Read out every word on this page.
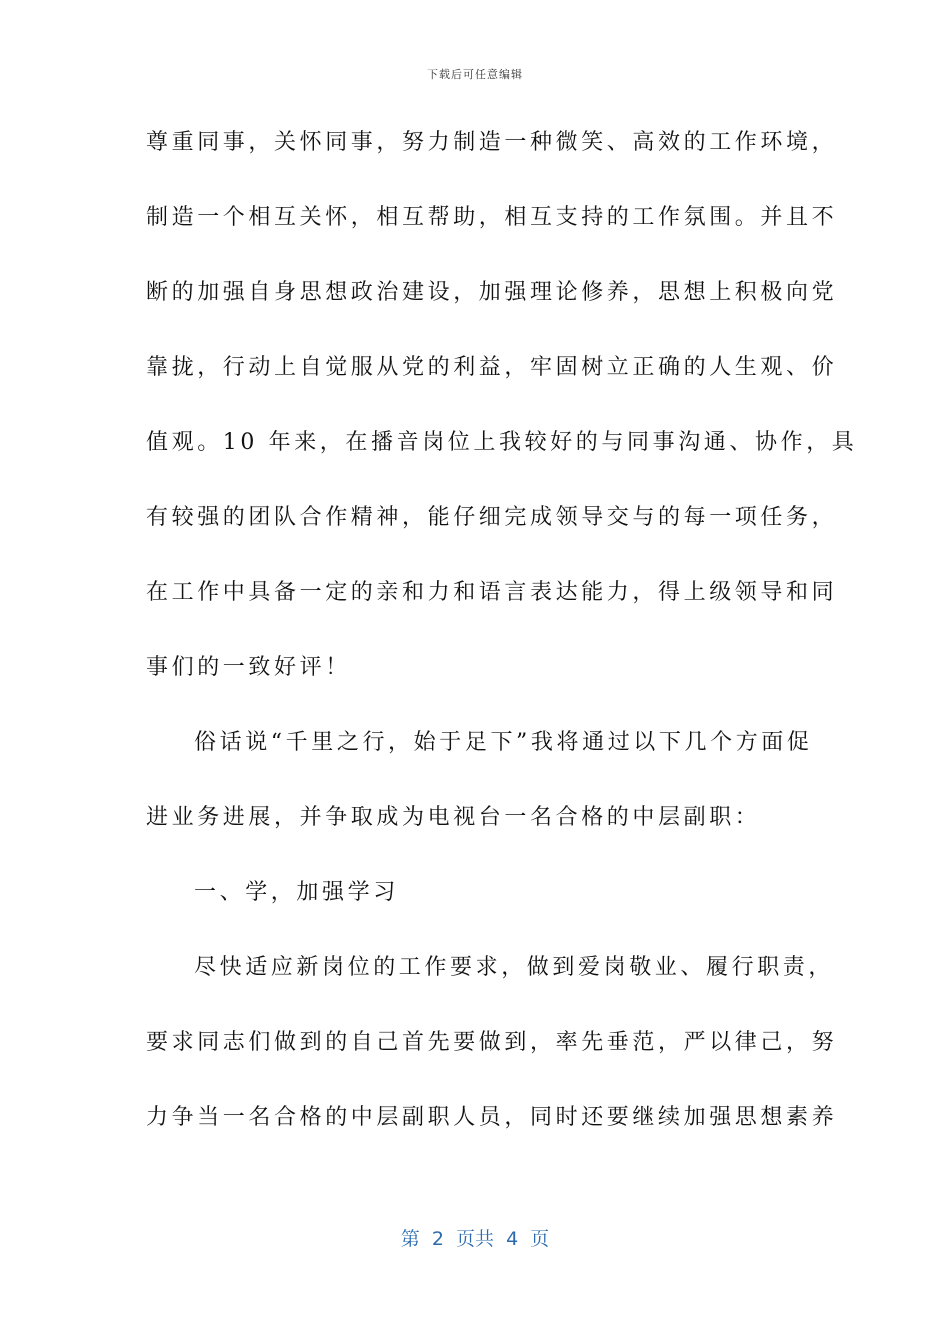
下载后可任意编辑
尊重同事，关怀同事，努力制造一种微笑、高效的工作环境，
制造一个相互关怀，相互帮助，相互支持的工作氛围。并且不
断的加强自身思想政治建设，加强理论修养，思想上积极向党
靠拢，行动上自觉服从党的利益，牢固树立正确的人生观、价
值观。10 年来，在播音岗位上我较好的与同事沟通、协作，具
有较强的团队合作精神，能仔细完成领导交与的每一项任务，
在工作中具备一定的亲和力和语言表达能力，得上级领导和同
事们的一致好评！
俗话说“千里之行，始于足下”我将通过以下几个方面促
进业务进展，并争取成为电视台一名合格的中层副职：
一、学，加强学习
尽快适应新岗位的工作要求，做到爱岗敬业、履行职责，
要求同志们做到的自己首先要做到，率先垂范，严以律己，努
力争当一名合格的中层副职人员，同时还要继续加强思想素养
第  2  页共  4  页
